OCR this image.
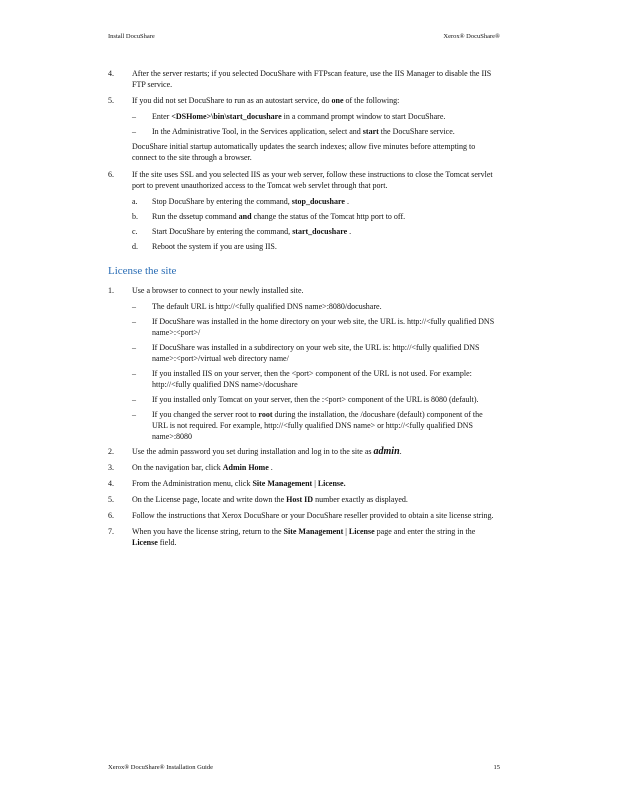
Install DocuShare	Xerox® DocuShare®
4.	After the server restarts; if you selected DocuShare with FTPscan feature, use the IIS Manager to disable the IIS FTP service.
5.	If you did not set DocuShare to run as an autostart service, do one of the following:
–	Enter <DSHome>\bin\start_docushare in a command prompt window to start DocuShare.
–	In the Administrative Tool, in the Services application, select and start the DocuShare service.
DocuShare initial startup automatically updates the search indexes; allow five minutes before attempting to connect to the site through a browser.
6.	If the site uses SSL and you selected IIS as your web server, follow these instructions to close the Tomcat servlet port to prevent unauthorized access to the Tomcat web servlet through that port.
a.	Stop DocuShare by entering the command, stop_docushare .
b.	Run the dssetup command and change the status of the Tomcat http port to off.
c.	Start DocuShare by entering the command, start_docushare .
d.	Reboot the system if you are using IIS.
License the site
1.	Use a browser to connect to your newly installed site.
–	The default URL is http://<fully qualified DNS name>:8080/docushare.
–	If DocuShare was installed in the home directory on your web site, the URL is. http://<fully qualified DNS name>:<port>/
–	If DocuShare was installed in a subdirectory on your web site, the URL is: http://<fully qualified DNS name>:<port>/virtual web directory name/
–	If you installed IIS on your server, then the <port> component of the URL is not used. For example: http://<fully qualified DNS name>/docushare
–	If you installed only Tomcat on your server, then the :<port> component of the URL is 8080 (default).
–	If you changed the server root to root during the installation, the /docushare (default) component of the URL is not required. For example, http://<fully qualified DNS name> or http://<fully qualified DNS name>:8080
2.	Use the admin password you set during installation and log in to the site as admin.
3.	On the navigation bar, click Admin Home .
4.	From the Administration menu, click Site Management | License.
5.	On the License page, locate and write down the Host ID number exactly as displayed.
6.	Follow the instructions that Xerox DocuShare or your DocuShare reseller provided to obtain a site license string.
7.	When you have the license string, return to the Site Management | License page and enter the string in the License field.
Xerox® DocuShare® Installation Guide	15
